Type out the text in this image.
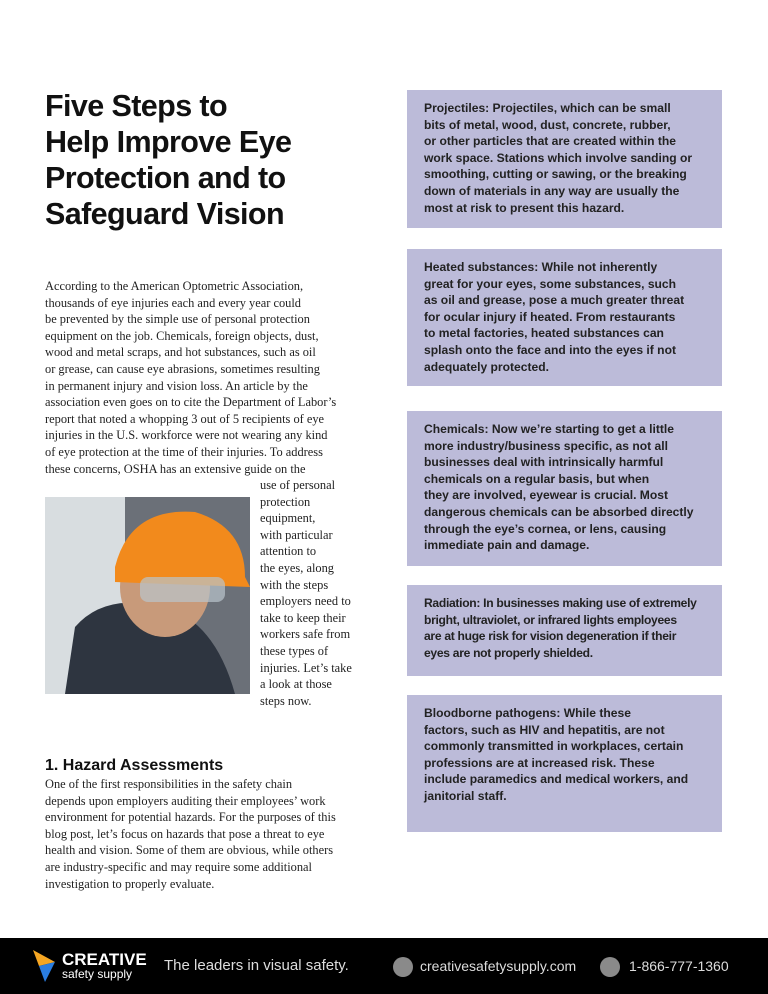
Five Steps to
Help Improve Eye
Protection and to
Safeguard Vision
According to the American Optometric Association,
thousands of eye injuries each and every year could
be prevented by the simple use of personal protection
equipment on the job. Chemicals, foreign objects, dust,
wood and metal scraps, and hot substances, such as oil
or grease, can cause eye abrasions, sometimes resulting
in permanent injury and vision loss. An article by the
association even goes on to cite the Department of Labor’s
report that noted a whopping 3 out of 5 recipients of eye
injuries in the U.S. workforce were not wearing any kind
of eye protection at the time of their injuries. To address
these concerns, OSHA has an extensive guide on the
use of personal
protection
equipment,
with particular
attention to
the eyes, along
with the steps
employers need to
take to keep their
workers safe from
these types of
injuries. Let’s take
a look at those
steps now.
1. Hazard Assessments
One of the first responsibilities in the safety chain
depends upon employers auditing their employees’ work
environment for potential hazards. For the purposes of this
blog post, let’s focus on hazards that pose a threat to eye
health and vision. Some of them are obvious, while others
are industry-specific and may require some additional
investigation to properly evaluate.
Projectiles: Projectiles, which can be small
bits of metal, wood, dust, concrete, rubber,
or other particles that are created within the
work space. Stations which involve sanding or
smoothing, cutting or sawing, or the breaking
down of materials in any way are usually the
most at risk to present this hazard.
Heated substances: While not inherently
great for your eyes, some substances, such
as oil and grease, pose a much greater threat
for ocular injury if heated. From restaurants
to metal factories, heated substances can
splash onto the face and into the eyes if not
adequately protected.
Chemicals: Now we’re starting to get a little
more industry/business specific, as not all
businesses deal with intrinsically harmful
chemicals on a regular basis, but when
they are involved, eyewear is crucial. Most
dangerous chemicals can be absorbed directly
through the eye’s cornea, or lens, causing
immediate pain and damage.
Radiation: In businesses making use of extremely
bright, ultraviolet, or infrared lights employees
are at huge risk for vision degeneration if their
eyes are not properly shielded.
Bloodborne pathogens: While these
factors, such as HIV and hepatitis, are not
commonly transmitted in workplaces, certain
professions are at increased risk. These
include paramedics and medical workers, and
janitorial staff.
CREATIVE
safety supply The leaders in visual safety.	creativesafetysupply.com	1-866-777-1360
